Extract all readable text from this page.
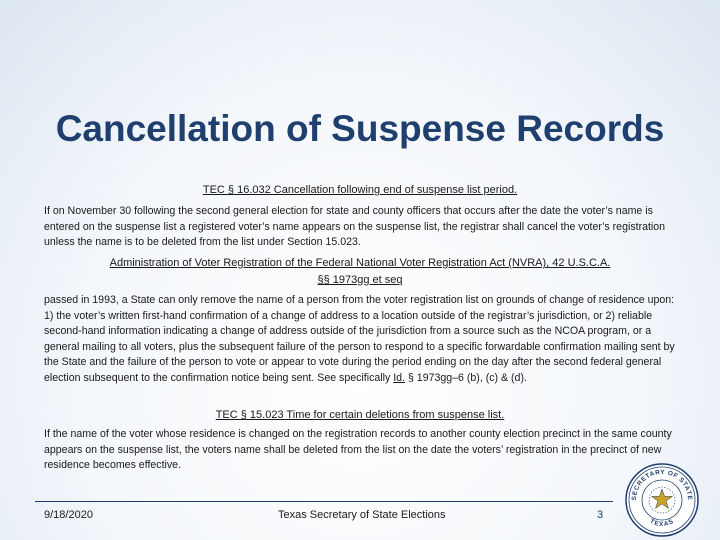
Cancellation of Suspense Records
TEC § 16.032 Cancellation following end of suspense list period.
If on November 30 following the second general election for state and county officers that occurs after the date the voter’s name is entered on the suspense list a registered voter’s name appears on the suspense list, the registrar shall cancel the voter’s registration unless the name is to be deleted from the list under Section 15.023.
Administration of Voter Registration of the Federal National Voter Registration Act (NVRA), 42 U.S.C.A.
§§ 1973gg et seq
passed in 1993, a State can only remove the name of a person from the voter registration list on grounds of change of residence upon: 1) the voter’s written first-hand confirmation of a change of address to a location outside of the registrar’s jurisdiction, or 2) reliable second-hand information indicating a change of address outside of the jurisdiction from a source such as the NCOA program, or a general mailing to all voters, plus the subsequent failure of the person to respond to a specific forwardable confirmation mailing sent by the State and the failure of the person to vote or appear to vote during the period ending on the day after the second federal general election subsequent to the confirmation notice being sent. See specifically Id. § 1973gg–6 (b), (c) & (d).
TEC § 15.023 Time for certain deletions from suspense list.
If the name of the voter whose residence is changed on the registration records to another county election precinct in the same county appears on the suspense list, the voters name shall be deleted from the list on the date the voters’ registration in the precinct of new residence becomes effective.
9/18/2020	Texas Secretary of State Elections	3
SECRETARY OF STATE
TEXAS
